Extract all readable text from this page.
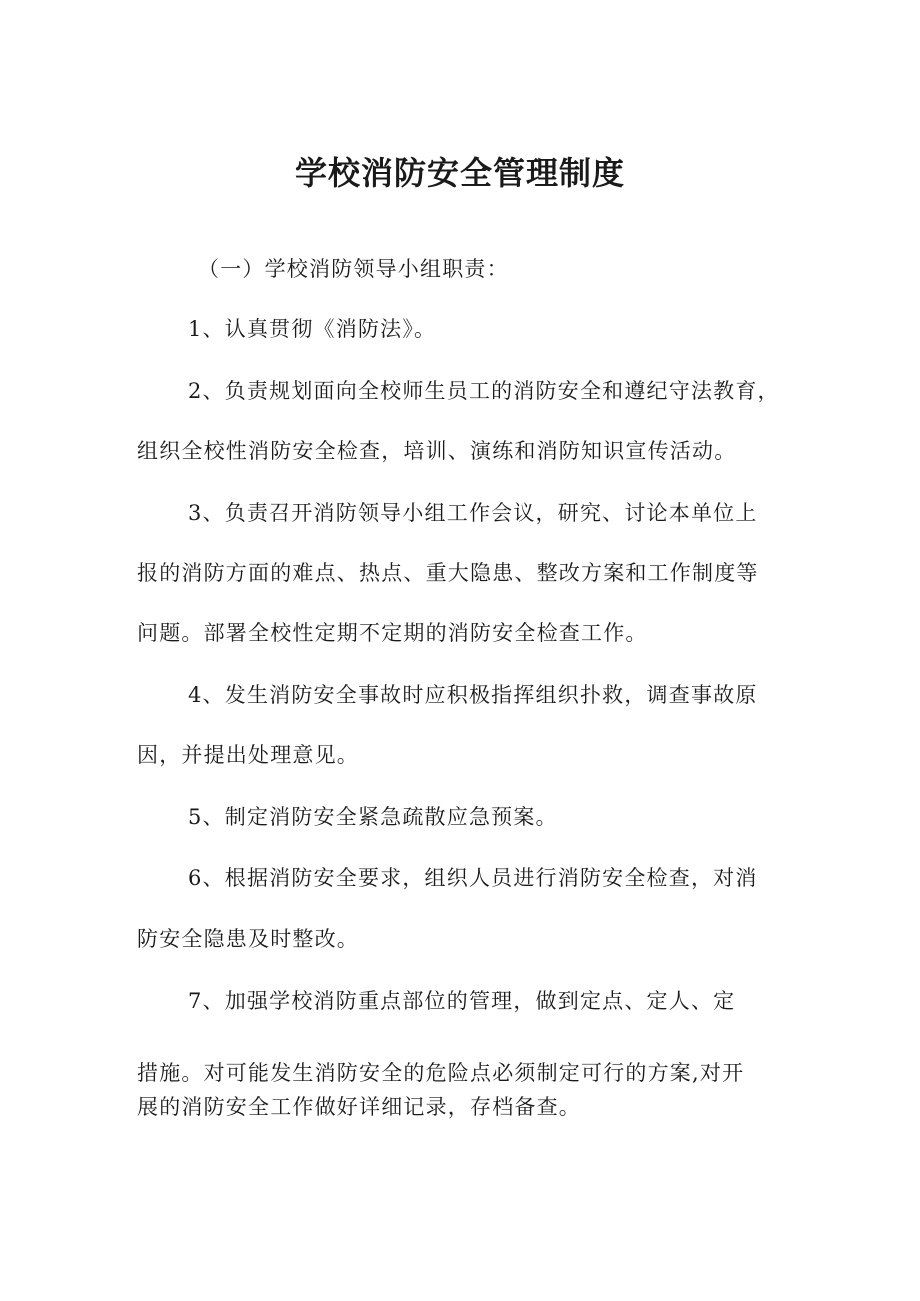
学校消防安全管理制度

（一）学校消防领导小组职责：

1、认真贯彻《消防法》。

2、负责规划面向全校师生员工的消防安全和遵纪守法教育，

组织全校性消防安全检查，培训、演练和消防知识宣传活动。

3、负责召开消防领导小组工作会议，研究、讨论本单位上

报的消防方面的难点、热点、重大隐患、整改方案和工作制度等

问题。部署全校性定期不定期的消防安全检查工作。

4、发生消防安全事故时应积极指挥组织扑救，调查事故原

因，并提出处理意见。

5、制定消防安全紧急疏散应急预案。

6、根据消防安全要求，组织人员进行消防安全检查，对消

防安全隐患及时整改。

7、加强学校消防重点部位的管理，做到定点、定人、定

措施。对可能发生消防安全的危险点必须制定可行的方案,对开

展的消防安全工作做好详细记录，存档备查。
